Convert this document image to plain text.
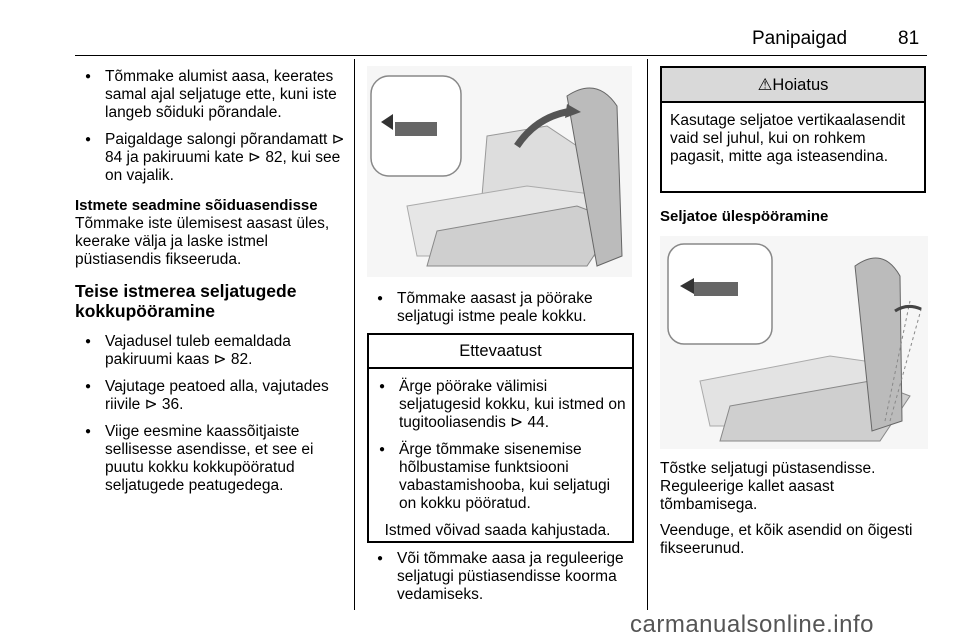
Panipaigad	81
● Tõmmake alumist aasa, keerates samal ajal seljatuge ette, kuni iste langeb sõiduki põrandale.
● Paigaldage salongi põrandamatt ⊳ 84 ja pakiruumi kate ⊳ 82, kui see on vajalik.

Istmete seadmine sõiduasendisse

Tõmmake iste ülemisest aasast üles, keerake välja ja laske istmel püstiasendis fikseeruda.

Teise istmerea seljatugede kokkupööramine
● Vajadusel tuleb eemaldada pakiruumi kaas ⊳ 82.
● Vajutage peatoed alla, vajutades riivile ⊳ 36.
● Viige eesmine kaassõitjaiste sellisesse asendisse, et see ei puutu kokku kokkupööratud seljatugede peatugedega.
● Tõmmake aasast ja pöörake seljatugi istme peale kokku.
Ettevaatust
● Ärge pöörake välimisi seljatugesid kokku, kui istmed on tugitooliasendis ⊳ 44.
● Ärge tõmmake sisenemise hõlbustamise funktsiooni vabastamishooba, kui seljatugi on kokku pööratud.
Istmed võivad saada kahjustada.
● Või tõmmake aasa ja reguleerige seljatugi püstiasendisse koorma vedamiseks.
⚠Hoiatus
Kasutage seljatoe vertikaalasendit vaid sel juhul, kui on rohkem pagasit, mitte aga isteasendina.

Seljatoe ülespööramine

Tõstke seljatugi püstasendisse. Reguleerige kallet aasast tõmbamisega.

Veenduge, et kõik asendid on õigesti fikseerunud.

carmanualsonline.info
